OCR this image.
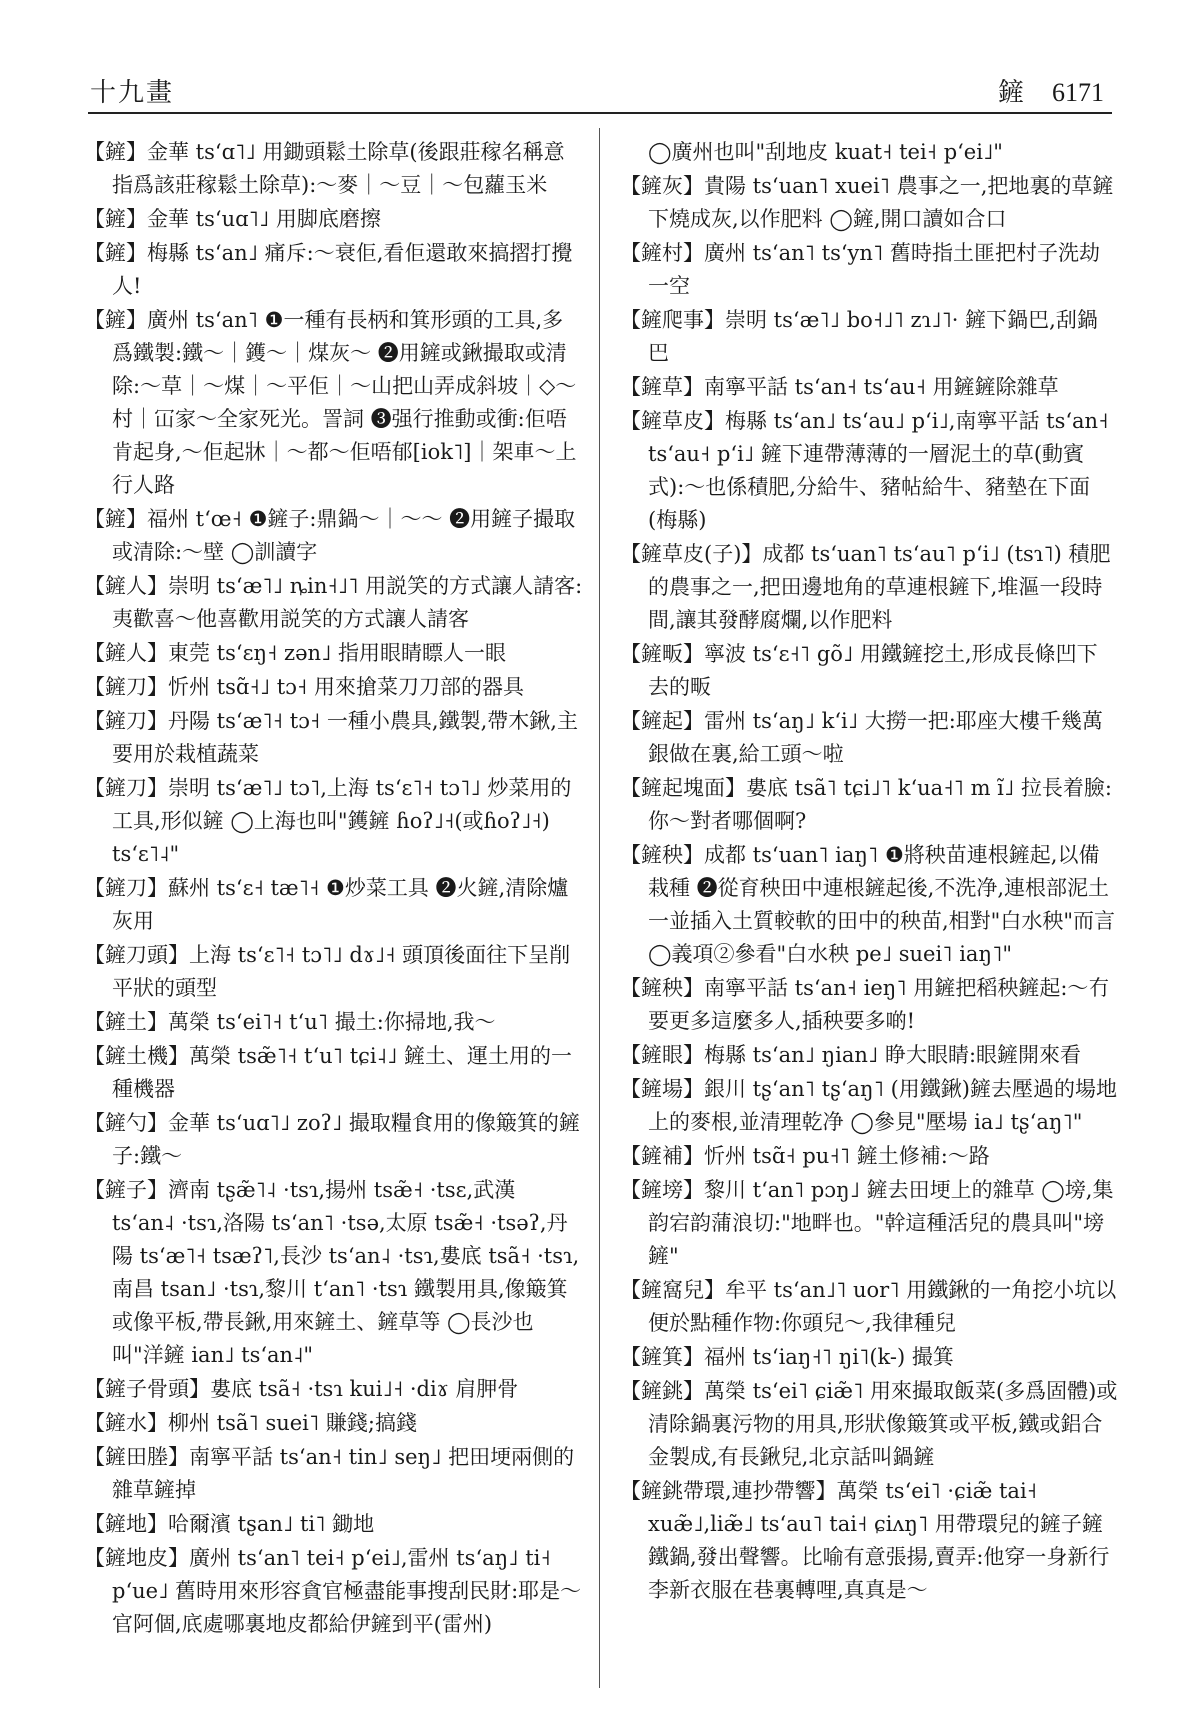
十九畫	鏟 6171

【鏟】金華 tsʻɑ˥˩ 用鋤頭鬆土除草(後跟莊稼名稱意指爲該莊稼鬆土除草):～麥｜～豆｜～包蘿玉米

【鏟】金華 tsʻuɑ˥˩ 用脚底磨擦

【鏟】梅縣 tsʻan˩ 痛斥:～衰佢,看佢還敢來搞摺打攪人!

【鏟】廣州 tsʻan˥ ❶一種有長柄和箕形頭的工具,多爲鐵製:鐵～｜鑊～｜煤灰～ ❷用鏟或鍬撮取或清除:～草｜～煤｜～平佢｜～山把山弄成斜坡｜◇～村｜冚家～全家死光。詈詞 ❸强行推動或衝:佢唔肯起身,～佢起牀｜～都～佢唔郁[iok˥]｜架車～上行人路

【鏟】福州 tʻœ˧ ❶鏟子:鼎鍋～｜～～ ❷用鏟子撮取或清除:～壁 ◯訓讀字

【鏟人】崇明 tsʻæ˥˩ ȵin˧˩˥ 用説笑的方式讓人請客:夷歡喜～他喜歡用説笑的方式讓人請客

【鏟人】東莞 tsʻɛŋ˧ zən˩ 指用眼睛瞟人一眼

【鏟刀】忻州 tsɑ̃˧˩ tɔ˧ 用來搶菜刀刀部的器具

【鏟刀】丹陽 tsʻæ˥˧ tɔ˧ 一種小農具,鐵製,帶木鍬,主要用於栽植蔬菜

【鏟刀】崇明 tsʻæ˥˩ tɔ˥,上海 tsʻɛ˥˧ tɔ˥˩ 炒菜用的工具,形似鏟 ◯上海也叫"鑊鏟 ɦoʔ˩˧(或ɦoʔ˩˧) tsʻɛ˥˨"

【鏟刀】蘇州 tsʻɛ˧ tæ˥˧ ❶炒菜工具 ❷火鏟,清除爐灰用

【鏟刀頭】上海 tsʻɛ˥˧ tɔ˥˩ dɤ˩˧ 頭頂後面往下呈削平狀的頭型

【鏟土】萬榮 tsʻei˥˧ tʻu˥ 撮土:你掃地,我～

【鏟土機】萬榮 tsæ̃˥˧ tʻu˥ tɕi˨˩ 鏟土、運土用的一種機器

【鏟勺】金華 tsʻuɑ˥˩ zoʔ˩ 撮取糧食用的像簸箕的鏟子:鐵～

【鏟子】濟南 tʂæ̃˥˨ ·tsɿ,揚州 tsæ̃˧ ·tsɛ,武漢 tsʻan˨ ·tsɿ,洛陽 tsʻan˥ ·tsə,太原 tsæ̃˧ ·tsəʔ,丹陽 tsʻæ˥˧ tsæʔ˥,長沙 tsʻan˨ ·tsɿ,婁底 tsã˧ ·tsɿ,南昌 tsan˩ ·tsɿ,黎川 tʻan˥ ·tsɿ 鐵製用具,像簸箕或像平板,帶長鍬,用來鏟土、鏟草等 ◯長沙也叫"洋鏟 ian˩ tsʻan˨"

【鏟子骨頭】婁底 tsã˧ ·tsɿ kui˩˧ ·diɤ 肩胛骨

【鏟水】柳州 tsã˥ suei˥ 賺錢;搞錢

【鏟田塍】南寧平話 tsʻan˧ tin˩ seŋ˩ 把田埂兩側的雜草鏟掉

【鏟地】哈爾濱 tʂan˩ ti˥ 鋤地

【鏟地皮】廣州 tsʻan˥ tei˧ pʻei˩,雷州 tsʻaŋ˩ ti˧ pʻue˩ 舊時用來形容貪官極盡能事搜刮民財:耶是～官阿個,底處哪裏地皮都給伊鏟到平(雷州)

◯廣州也叫"刮地皮 kuat˧ tei˧ pʻei˩"

【鏟灰】貴陽 tsʻuan˥ xuei˥ 農事之一,把地裏的草鏟下燒成灰,以作肥料 ◯鏟,開口讀如合口

【鏟村】廣州 tsʻan˥ tsʻyn˥ 舊時指土匪把村子洗劫一空

【鏟爬事】崇明 tsʻæ˥˩ bo˧˩˥ zɿ˩˥· 鏟下鍋巴,刮鍋巴

【鏟草】南寧平話 tsʻan˧ tsʻau˧ 用鏟鏟除雜草

【鏟草皮】梅縣 tsʻan˩ tsʻau˩ pʻi˩,南寧平話 tsʻan˧ tsʻau˧ pʻi˩ 鏟下連帶薄薄的一層泥土的草(動賓式):～也係積肥,分給牛、豬帖給牛、豬墊在下面(梅縣)

【鏟草皮(子)】成都 tsʻuan˥ tsʻau˥ pʻi˩ (tsɿ˥) 積肥的農事之一,把田邊地角的草連根鏟下,堆漚一段時間,讓其發酵腐爛,以作肥料

【鏟畈】寧波 tsʻɛ˧˥ gõ˩ 用鐵鏟挖土,形成長條凹下去的畈

【鏟起】雷州 tsʻaŋ˩ kʻi˩ 大撈一把:耶座大樓千幾萬銀做在裏,給工頭～啦

【鏟起塊面】婁底 tsã˥ tɕi˩˥ kʻua˧˥ m ĩ˩ 拉長着臉:你～對者哪個啊?

【鏟秧】成都 tsʻuan˥ iaŋ˥ ❶將秧苗連根鏟起,以備栽種 ❷從育秧田中連根鏟起後,不洗净,連根部泥土一並插入土質較軟的田中的秧苗,相對"白水秧"而言 ◯義項②參看"白水秧 pe˩ suei˥ iaŋ˥"

【鏟秧】南寧平話 tsʻan˧ ieŋ˥ 用鏟把稻秧鏟起:～冇要更多這麼多人,插秧要多啲!

【鏟眼】梅縣 tsʻan˩ ŋian˩ 睁大眼睛:眼鏟開來看

【鏟場】銀川 tʂʻan˥ tʂʻaŋ˥ (用鐵鍬)鏟去壓過的場地上的麥根,並清理乾净 ◯參見"壓場 ia˩ tʂʻaŋ˥"

【鏟補】忻州 tsɑ̃˧ pu˧˥ 鏟土修補:～路

【鏟塝】黎川 tʻan˥ pɔŋ˩ 鏟去田埂上的雜草 ◯塝,集韵宕韵蒲浪切:"地畔也。"幹這種活兒的農具叫"塝鏟"

【鏟窩兒】牟平 tsʻan˩˥ uor˥ 用鐵鍬的一角挖小坑以便於點種作物:你頭兒～,我律種兒

【鏟箕】福州 tsʻiaŋ˧˥ ŋi˥(k-) 撮箕

【鏟銚】萬榮 tsʻei˥ ɕiæ̃˥ 用來撮取飯菜(多爲固體)或清除鍋裏污物的用具,形狀像簸箕或平板,鐵或鋁合金製成,有長鍬兒,北京話叫鍋鏟

【鏟銚帶環,連抄帶響】萬榮 tsʻei˥ ·ɕiæ̃ tai˧ xuæ̃˩,liæ̃˩ tsʻau˥ tai˧ ɕiʌŋ˥ 用帶環兒的鏟子鏟鐵鍋,發出聲響。比喻有意張揚,賣弄:他穿一身新行李新衣服在巷裏轉哩,真真是～
